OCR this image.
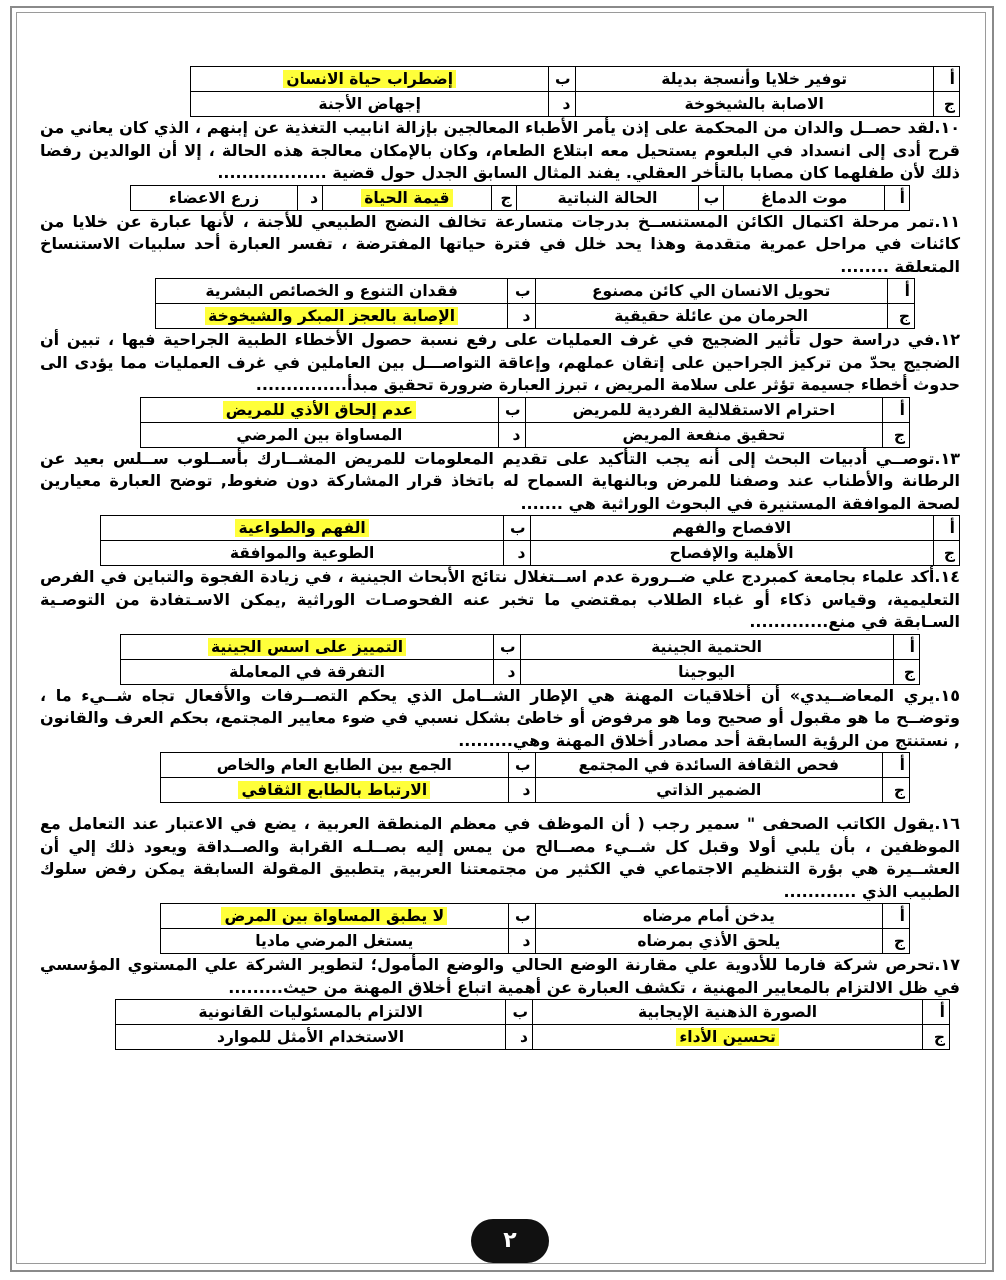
أ	توفير خلايا وأنسجة بديلة	ب	إضطراب حياة الانسان
ج	الاصابة بالشيخوخة	د	إجهاض الأجنة

١٠.لقد حصــل والدان من المحكمة على إذن يأمر الأطباء المعالجين بإزالة انابيب التغذية عن إبنهم ، الذي كان يعاني من قرح أدى إلى انسداد في البلعوم يستحيل معه ابتلاع الطعام، وكان بالإمكان معالجة هذه الحالة ، إلا أن الوالدين رفضا ذلك لأن طفلهما كان مصابا بالتأخر العقلي. يفند المثال السابق الجدل حول قضية ..................

أ	موت الدماغ	ب	الحالة النباتية	ج	قيمة الحياة	د	زرع الاعضاء

١١.تمر مرحلة اكتمال الكائن المستنســخ بدرجات متسارعة تخالف النضج الطبيعي للأجنة ، لأنها عبارة عن خلايا من كائنات في مراحل عمرية متقدمة وهذا يحد خلل في فترة حياتها المفترضة ، تفسر العبارة أحد سلبيات الاستنساخ المتعلقة ........

أ	تحويل الانسان الي كائن مصنوع	ب	فقدان التنوع و الخصائص البشرية
ج	الحرمان من عائلة حقيقية	د	الإصابة بالعجز المبكر والشيخوخة

١٢.في دراسة حول تأثير الضجيج في غرف العمليات على رفع نسبة حصول الأخطاء الطبية الجراحية فيها ، تبين أن الضجيج يحدّ من تركيز الجراحين على إتقان عملهم، وإعاقة التواصـــل بين العاملين في غرف العمليات مما يؤدى الى حدوث أخطاء جسيمة تؤثر على سلامة المريض ، تبرز العبارة ضرورة تحقيق مبدأ...............

أ	احترام الاستقلالية الفردية للمريض	ب	عدم إلحاق الأذي للمريض
ج	تحقيق منفعة المريض	د	المساواة بين المرضي

١٣.توصــي أدبيات البحث إلى أنه يجب التأكيد على تقديم المعلومات للمريض المشــارك بأســلوب ســلس بعيد عن الرطانة والأطناب عند وصفنا للمرض وبالنهاية السماح له باتخاذ قرار المشاركة دون ضغوط, توضح العبارة معيارين لصحة الموافقة المستنيرة في البحوث الوراثية هي .......

أ	الافصاح والفهم	ب	الفهم والطواعية
ج	الأهلية والإفصاح	د	الطوعية والموافقة

١٤.أكد علماء بجامعة كمبردج علي ضــرورة عدم اســتغلال نتائج الأبحاث الجينية ، في زيادة الفجوة والتباين في الفرص التعليمية، وقياس ذكاء أو غباء الطلاب بمقتضي ما تخبر عنه الفحوصـات الوراثية ,يمكن الاسـتفادة من التوصـية السـابقة في منع.............

أ	الحتمية الجينية	ب	التمييز على اسس الجينية
ج	اليوجينا	د	التفرقة في المعاملة

١٥.يري المعاضــيدي» أن أخلاقيات المهنة هي الإطار الشــامل الذي يحكم التصــرفات والأفعال تجاه شــيء ما ، وتوضــح ما هو مقبول أو صحيح وما هو مرفوض أو خاطئ بشكل نسبي في ضوء معايير المجتمع، بحكم العرف والقانون , نستنتج من الرؤية السابقة أحد مصادر أخلاق المهنة وهي.........

أ	فحص الثقافة السائدة في المجتمع	ب	الجمع بين الطابع العام والخاص
ج	الضمير الذاتي	د	الارتباط بالطابع الثقافي

١٦.يقول الكاتب الصحفى " سمير رجب ( أن الموظف في معظم المنطقة العربية ، يضع في الاعتبار عند التعامل مع الموظفين ، بأن يلبي أولا وقبل كل شــيء مصــالح من يمس إليه بصــلـه القرابة والصــداقة ويعود ذلك إلي أن العشــيرة هي بؤرة التنظيم الاجتماعي في الكثير من مجتمعتنا العربية, يتطبيق المقولة السابقة يمكن رفض سلوك الطبيب الذي ............

أ	يدخن أمام مرضاه	ب	لا يطبق المساواة بين المرض
ج	يلحق الأذي بمرضاه	د	يستغل المرضي ماديا

١٧.تحرص شركة فارما للأدوية علي مقارنة الوضع الحالي والوضع المأمول؛ لتطوير الشركة علي المستوي المؤسسي في ظل الالتزام بالمعايير المهنية ، تكشف العبارة عن أهمية اتباع أخلاق المهنة من حيث.........

أ	الصورة الذهنية الإيجابية	ب	الالتزام بالمسئوليات القانونية
ج	تحسين الأداء	د	الاستخدام الأمثل للموارد
٢
